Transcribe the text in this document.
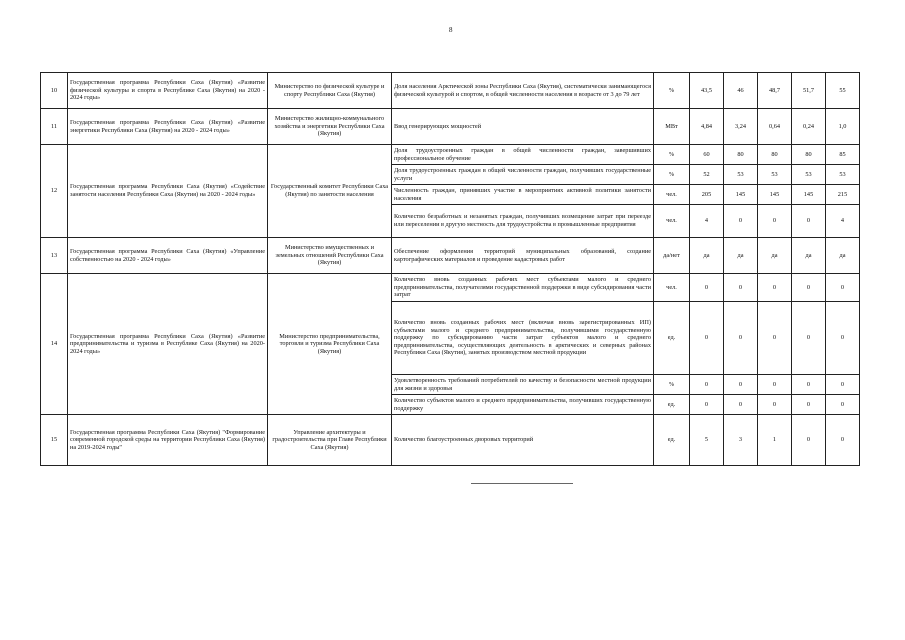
8
10	Государственная программа Республики Саха (Якутия) «Развитие физической культуры и спорта в Республике Саха (Якутия) на 2020 - 2024 годы»	Министерство по физической культуре и спорту Республики Саха (Якутия)	Доля населения Арктической зоны Республики Саха (Якутия), систематически занимающегося физической культурой и спортом, в общей численности населения в возрасте от 3 до 79 лет	%	43,5	46	48,7	51,7	55
11	Государственная программа Республики Саха (Якутия) «Развитие энергетики Республики Саха (Якутия) на 2020 - 2024 годы»	Министерство жилищно-коммунального хозяйства и энергетики Республики Саха (Якутия)	Ввод генерирующих мощностей	МВт	4,84	3,24	0,64	0,24	1,0
12	Государственная программа Республики Саха (Якутия) «Содействие занятости населения Республики Саха (Якутия) на 2020 - 2024 годы»	Государственный комитет Республики Саха (Якутия) по занятости населения	Доля трудоустроенных граждан в общей численности граждан, завершивших профессиональное обучение	%	60	80	80	80	85
			Доля трудоустроенных граждан в общей численности граждан, получивших государственные услуги	%	52	53	53	53	53
			Численность граждан, принявших участие в мероприятиях активной политики занятости населения	чел.	205	145	145	145	215
			Количество безработных и незанятых граждан, получивших возмещение затрат при переезде или переселении в другую местность для трудоустройства в промышленные предприятия	чел.	4	0	0	0	4
13	Государственная программа Республики Саха (Якутия) «Управление собственностью на 2020 - 2024 годы»	Министерство имущественных и земельных отношений Республики Саха (Якутия)	Обеспечение оформления территорий муниципальных образований, создание картографических материалов и проведение кадастровых работ	да/нет	да	да	да	да	да
14	Государственная программа Республики Саха (Якутия) «Развитие предпринимательства и туризма в Республике Саха (Якутия) на 2020-2024 годы»	Министерство предпринимательства, торговли и туризма Республики Саха (Якутия)	Количество вновь созданных рабочих мест субъектами малого и среднего предпринимательства, получателями государственной поддержки в виде субсидирования части затрат	чел.	0	0	0	0	0
			Количество вновь созданных рабочих мест (включая вновь зарегистрированных ИП) субъектами малого и среднего предпринимательства, получившими государственную поддержку по субсидированию части затрат субъектов малого и среднего предпринимательства, осуществляющих деятельность в арктических и северных районах Республики Саха (Якутия), занятых производством местной продукции	ед.	0	0	0	0	0
			Удовлетворенность требований потребителей по качеству и безопасности местной продукции для жизни и здоровья	%	0	0	0	0	0
			Количество субъектов малого и среднего предпринимательства, получивших государственную поддержку	ед.	0	0	0	0	0
15	Государственная программа Республики Саха (Якутия) "Формирование современной городской среды на территории Республики Саха (Якутия) на 2019-2024 годы"	Управление архитектуры и градостроительства при Главе Республики Саха (Якутия)	Количество благоустроенных дворовых территорий	ед.	5	3	1	0	0
